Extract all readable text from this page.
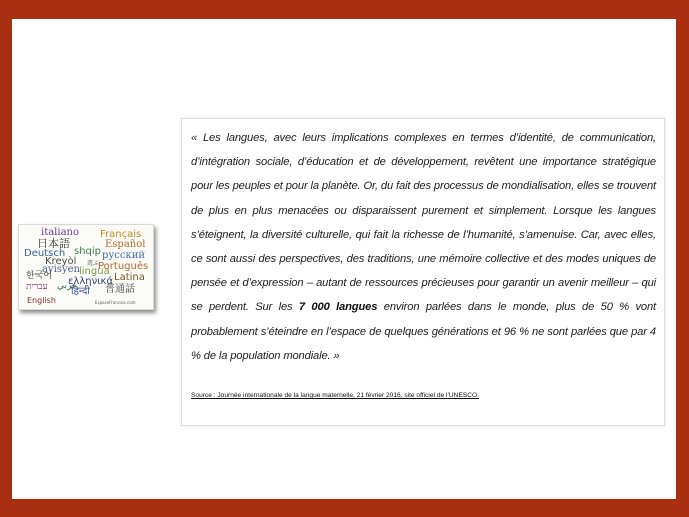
italiano Français
日本語	Español
Deutsch shqip русский
Kreyòl 遊ぶ
ayisyen lingua
Português
한국어 ελληνικά Latina
עברית عربي
हिन्दी 普通話
English	EspaceFrancais.com

« Les langues, avec leurs implications complexes en termes d’identité, de communication, d’intégration sociale, d’éducation et de développement, revêtent une importance stratégique pour les peuples et pour la planète. Or, du fait des processus de mondialisation, elles se trouvent de plus en plus menacées ou disparaissent purement et simplement. Lorsque les langues s’éteignent, la diversité culturelle, qui fait la richesse de l’humanité, s’amenuise. Car, avec elles, ce sont aussi des perspectives, des traditions, une mémoire collective et des modes uniques de pensée et d’expression – autant de ressources précieuses pour garantir un avenir meilleur – qui se perdent. Sur les 7 000 langues environ parlées dans le monde, plus de 50 % vont probablement s’éteindre en l’espace de quelques générations et 96 % ne sont parlées que par 4 % de la population mondiale. »

Source : Journée internationale de la langue maternelle, 21 février 2016, site officiel de l’UNESCO.
